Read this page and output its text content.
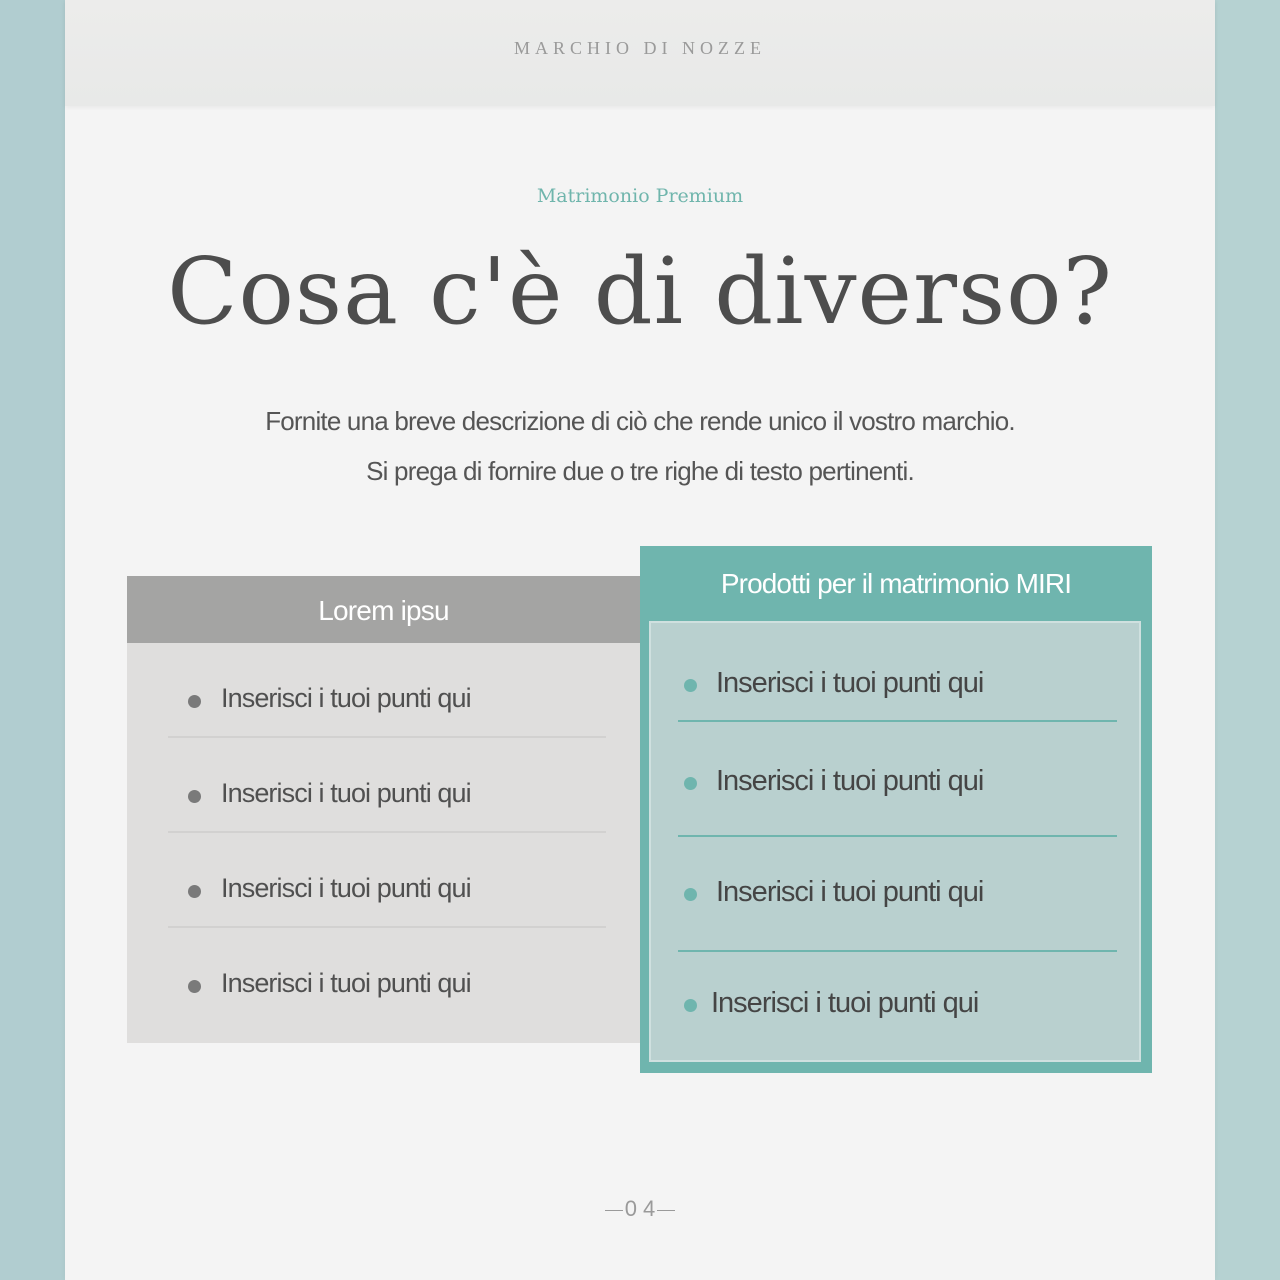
MARCHIO DI NOZZE
Matrimonio Premium
Cosa c'è di diverso?
Fornite una breve descrizione di ciò che rende unico il vostro marchio.
Si prega di fornire due o tre righe di testo pertinenti.
Lorem ipsu
Inserisci i tuoi punti qui
Inserisci i tuoi punti qui
Inserisci i tuoi punti qui
Inserisci i tuoi punti qui
Prodotti per il matrimonio MIRI
Inserisci i tuoi punti qui
Inserisci i tuoi punti qui
Inserisci i tuoi punti qui
Inserisci i tuoi punti qui
0 4
